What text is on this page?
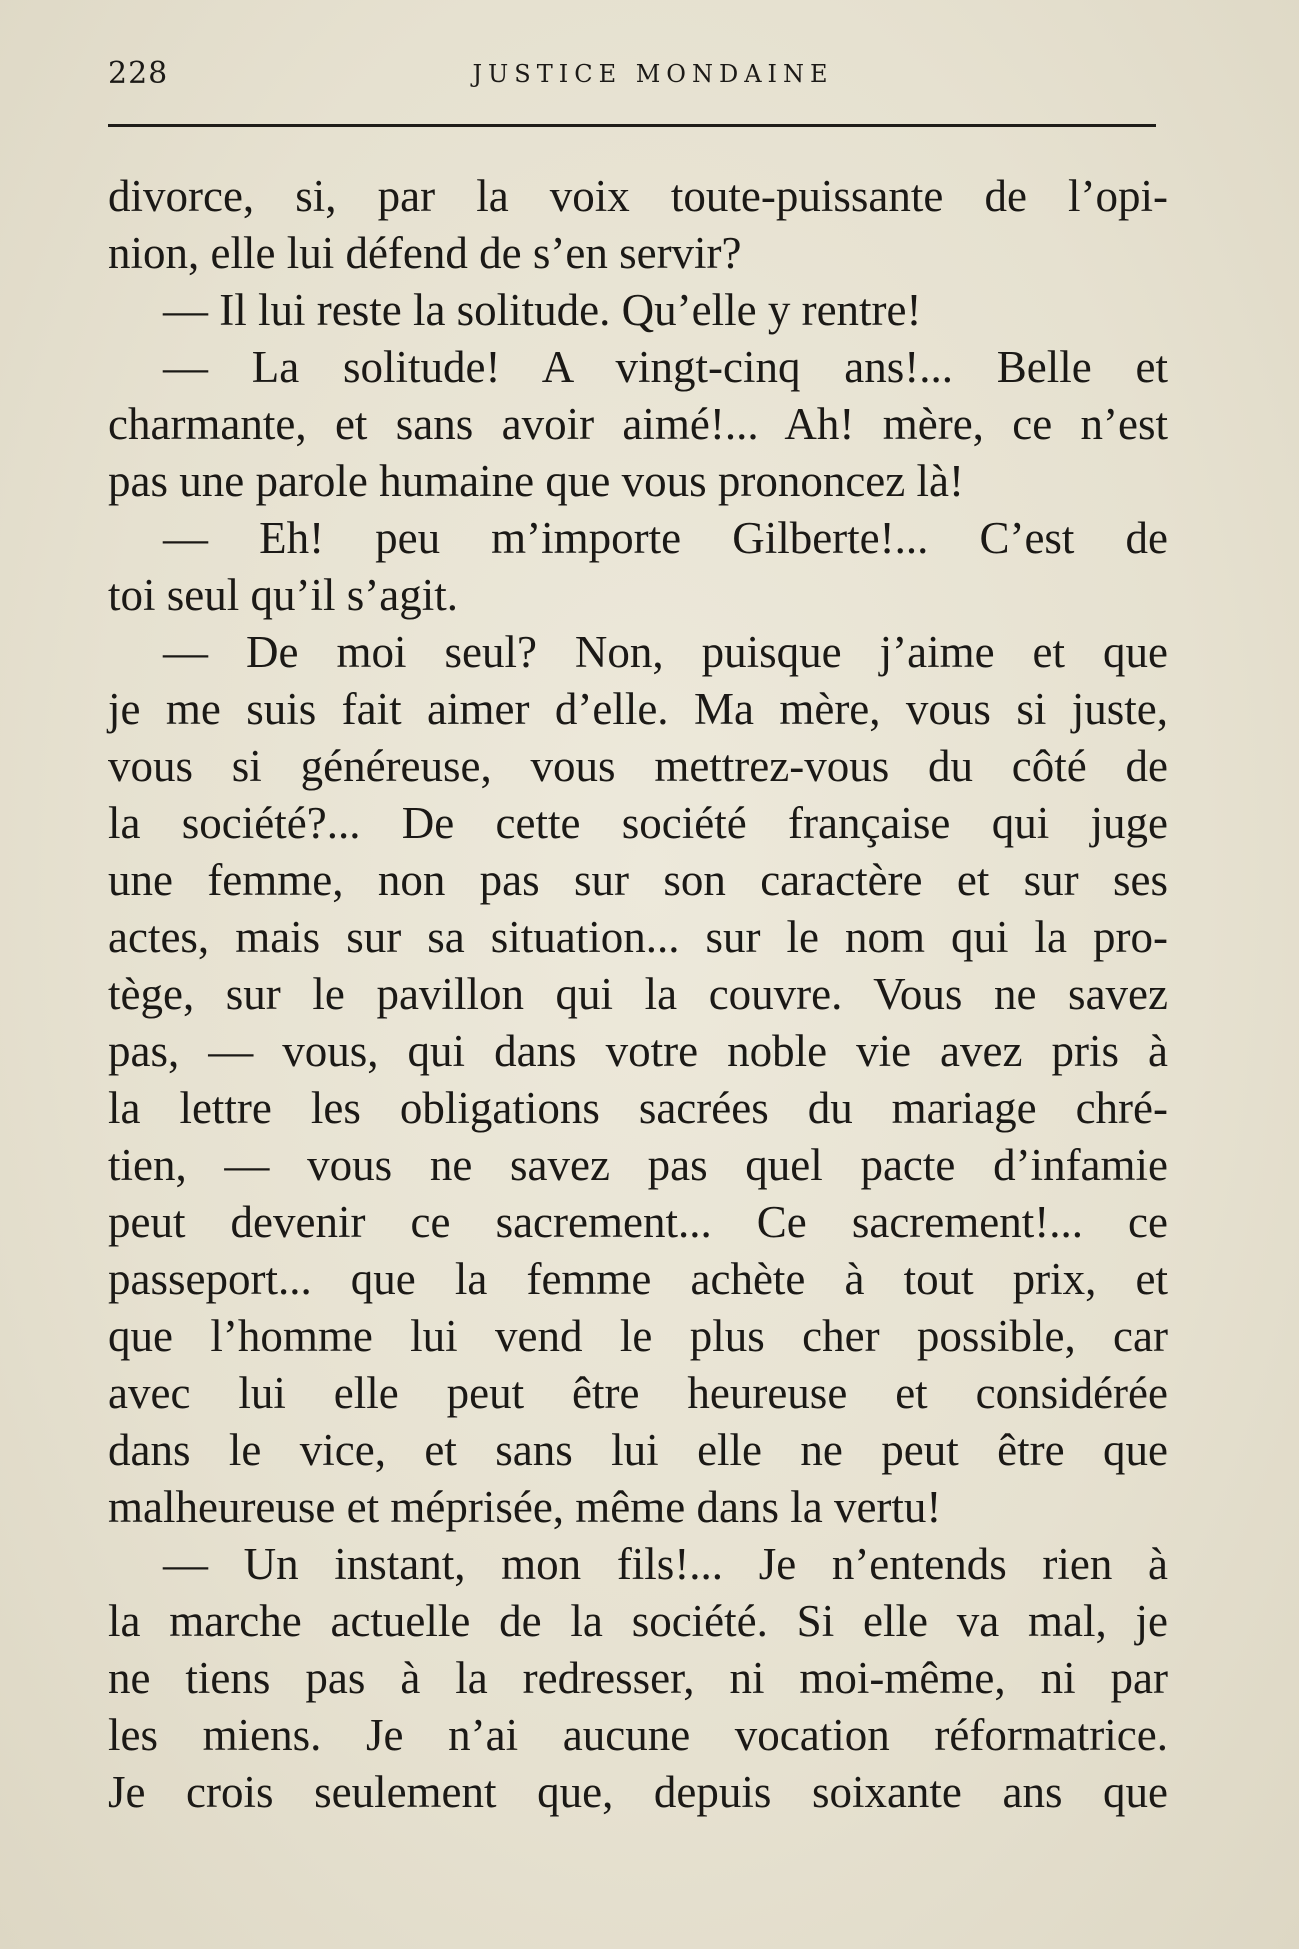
228	JUSTICE MONDAINE
divorce, si, par la voix toute-puissante de l’opi-
nion, elle lui défend de s’en servir?
— Il lui reste la solitude. Qu’elle y rentre!
— La solitude! A vingt-cinq ans!... Belle et
charmante, et sans avoir aimé!... Ah! mère, ce n’est
pas une parole humaine que vous prononcez là!
— Eh! peu m’importe Gilberte!... C’est de
toi seul qu’il s’agit.
— De moi seul? Non, puisque j’aime et que
je me suis fait aimer d’elle. Ma mère, vous si juste,
vous si généreuse, vous mettrez-vous du côté de
la société?... De cette société française qui juge
une femme, non pas sur son caractère et sur ses
actes, mais sur sa situation... sur le nom qui la pro-
tège, sur le pavillon qui la couvre. Vous ne savez
pas, — vous, qui dans votre noble vie avez pris à
la lettre les obligations sacrées du mariage chré-
tien, — vous ne savez pas quel pacte d’infamie
peut devenir ce sacrement... Ce sacrement!... ce
passeport... que la femme achète à tout prix, et
que l’homme lui vend le plus cher possible, car
avec lui elle peut être heureuse et considérée
dans le vice, et sans lui elle ne peut être que
malheureuse et méprisée, même dans la vertu!
— Un instant, mon fils!... Je n’entends rien à
la marche actuelle de la société. Si elle va mal, je
ne tiens pas à la redresser, ni moi-même, ni par
les miens. Je n’ai aucune vocation réformatrice.
Je crois seulement que, depuis soixante ans que
